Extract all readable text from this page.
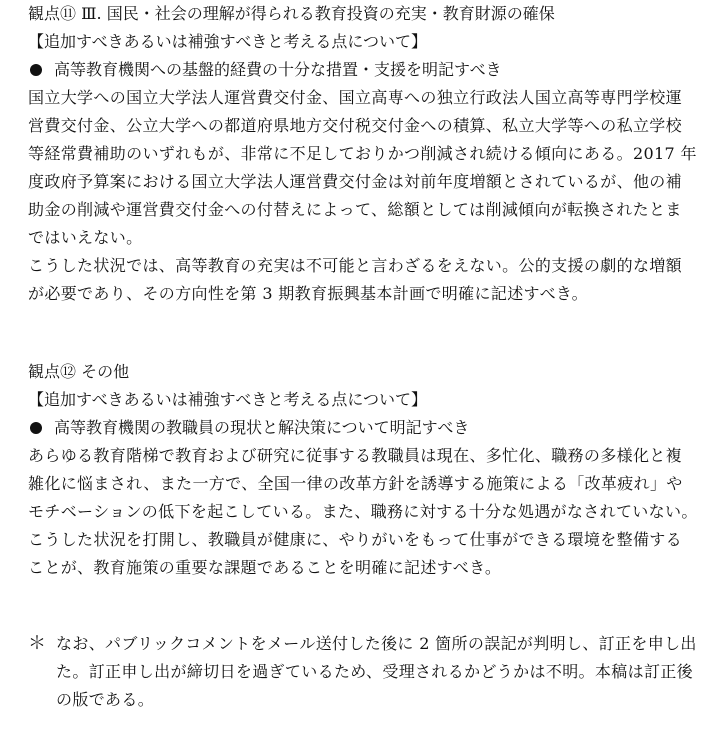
観点⑪ Ⅲ. 国民・社会の理解が得られる教育投資の充実・教育財源の確保

【追加すべきあるいは補強すべきと考える点について】

高等教育機関への基盤的経費の十分な措置・支援を明記すべき

国立大学への国立大学法人運営費交付金、国立高専への独立行政法人国立高等専門学校運

営費交付金、公立大学への都道府県地方交付税交付金への積算、私立大学等への私立学校

等経常費補助のいずれもが、非常に不足しておりかつ削減され続ける傾向にある。2017 年

度政府予算案における国立大学法人運営費交付金は対前年度増額とされているが、他の補

助金の削減や運営費交付金への付替えによって、総額としては削減傾向が転換されたとま

ではいえない。

こうした状況では、高等教育の充実は不可能と言わざるをえない。公的支援の劇的な増額

が必要であり、その方向性を第 3 期教育振興基本計画で明確に記述すべき。

観点⑫ その他

【追加すべきあるいは補強すべきと考える点について】

高等教育機関の教職員の現状と解決策について明記すべき

あらゆる教育階梯で教育および研究に従事する教職員は現在、多忙化、職務の多様化と複

雑化に悩まされ、また一方で、全国一律の改革方針を誘導する施策による「改革疲れ」や

モチベーションの低下を起こしている。また、職務に対する十分な処遇がなされていない。

こうした状況を打開し、教職員が健康に、やりがいをもって仕事ができる環境を整備する

ことが、教育施策の重要な課題であることを明確に記述すべき。

＊ なお、パブリックコメントをメール送付した後に 2 箇所の誤記が判明し、訂正を申し出

た。訂正申し出が締切日を過ぎているため、受理されるかどうかは不明。本稿は訂正後

の版である。
